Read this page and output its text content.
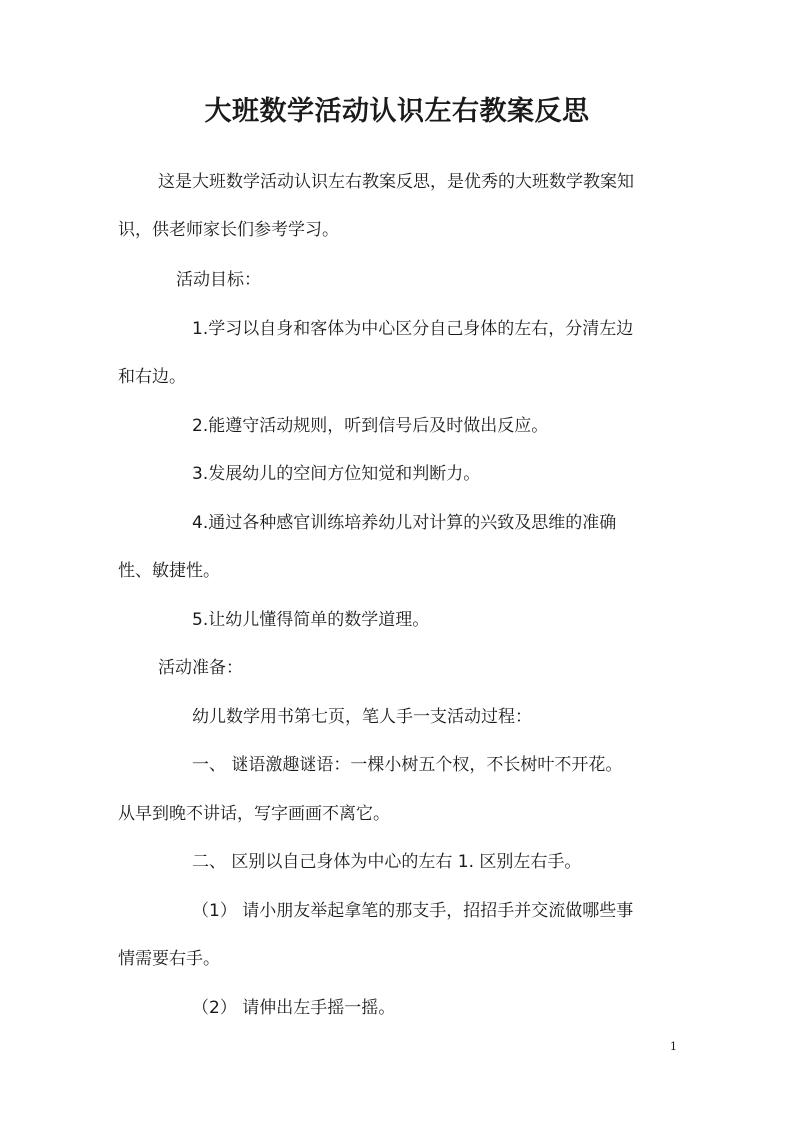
大班数学活动认识左右教案反思
这是大班数学活动认识左右教案反思，是优秀的大班数学教案知
识，供老师家长们参考学习。
活动目标：
1.学习以自身和客体为中心区分自己身体的左右，分清左边
和右边。
2.能遵守活动规则，听到信号后及时做出反应。
3.发展幼儿的空间方位知觉和判断力。
4.通过各种感官训练培养幼儿对计算的兴致及思维的准确
性、敏捷性。
5.让幼儿懂得简单的数学道理。
活动准备：
幼儿数学用书第七页，笔人手一支活动过程：
一、 谜语激趣谜语：一棵小树五个杈，不长树叶不开花。
从早到晚不讲话，写字画画不离它。
二、 区别以自己身体为中心的左右 1. 区别左右手。
（1） 请小朋友举起拿笔的那支手，招招手并交流做哪些事
情需要右手。
（2） 请伸出左手摇一摇。
1
